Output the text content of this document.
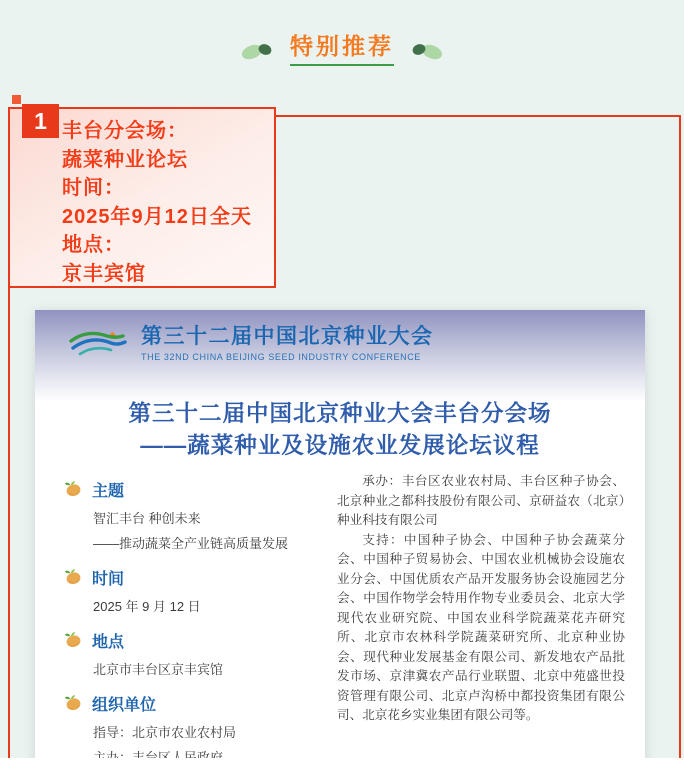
特别推荐
1 丰台分会场：
蔬菜种业论坛
时间：
2025年9月12日全天
地点：
京丰宾馆
第三十二届中国北京种业大会
THE 32ND CHINA BEIJING SEED INDUSTRY CONFERENCE
第三十二届中国北京种业大会丰台分会场
——蔬菜种业及设施农业发展论坛议程
主题
智汇丰台 种创未来
——推动蔬菜全产业链高质量发展
时间
2025 年 9 月 12 日
地点
北京市丰台区京丰宾馆
组织单位
指导：北京市农业农村局

承办：丰台区农业农村局、丰台区种子协会、北京种业之都科技股份有限公司、京研益农（北京）种业科技有限公司

支持：中国种子协会、中国种子协会蔬菜分会、中国种子贸易协会、中国农业机械协会设施农业分会、中国优质农产品开发服务协会设施园艺分会、中国作物学会特用作物专业委员会、北京大学现代农业研究院、中国农业科学院蔬菜花卉研究所、北京市农林科学院蔬菜研究所、北京种业协会、现代种业发展基金有限公司、新发地农产品批发市场、京津冀农产品行业联盟、北京中苑盛世投资管理有限公司、北京卢沟桥中都投资集团有限公司、北京花乡实业集团有限公司等。
